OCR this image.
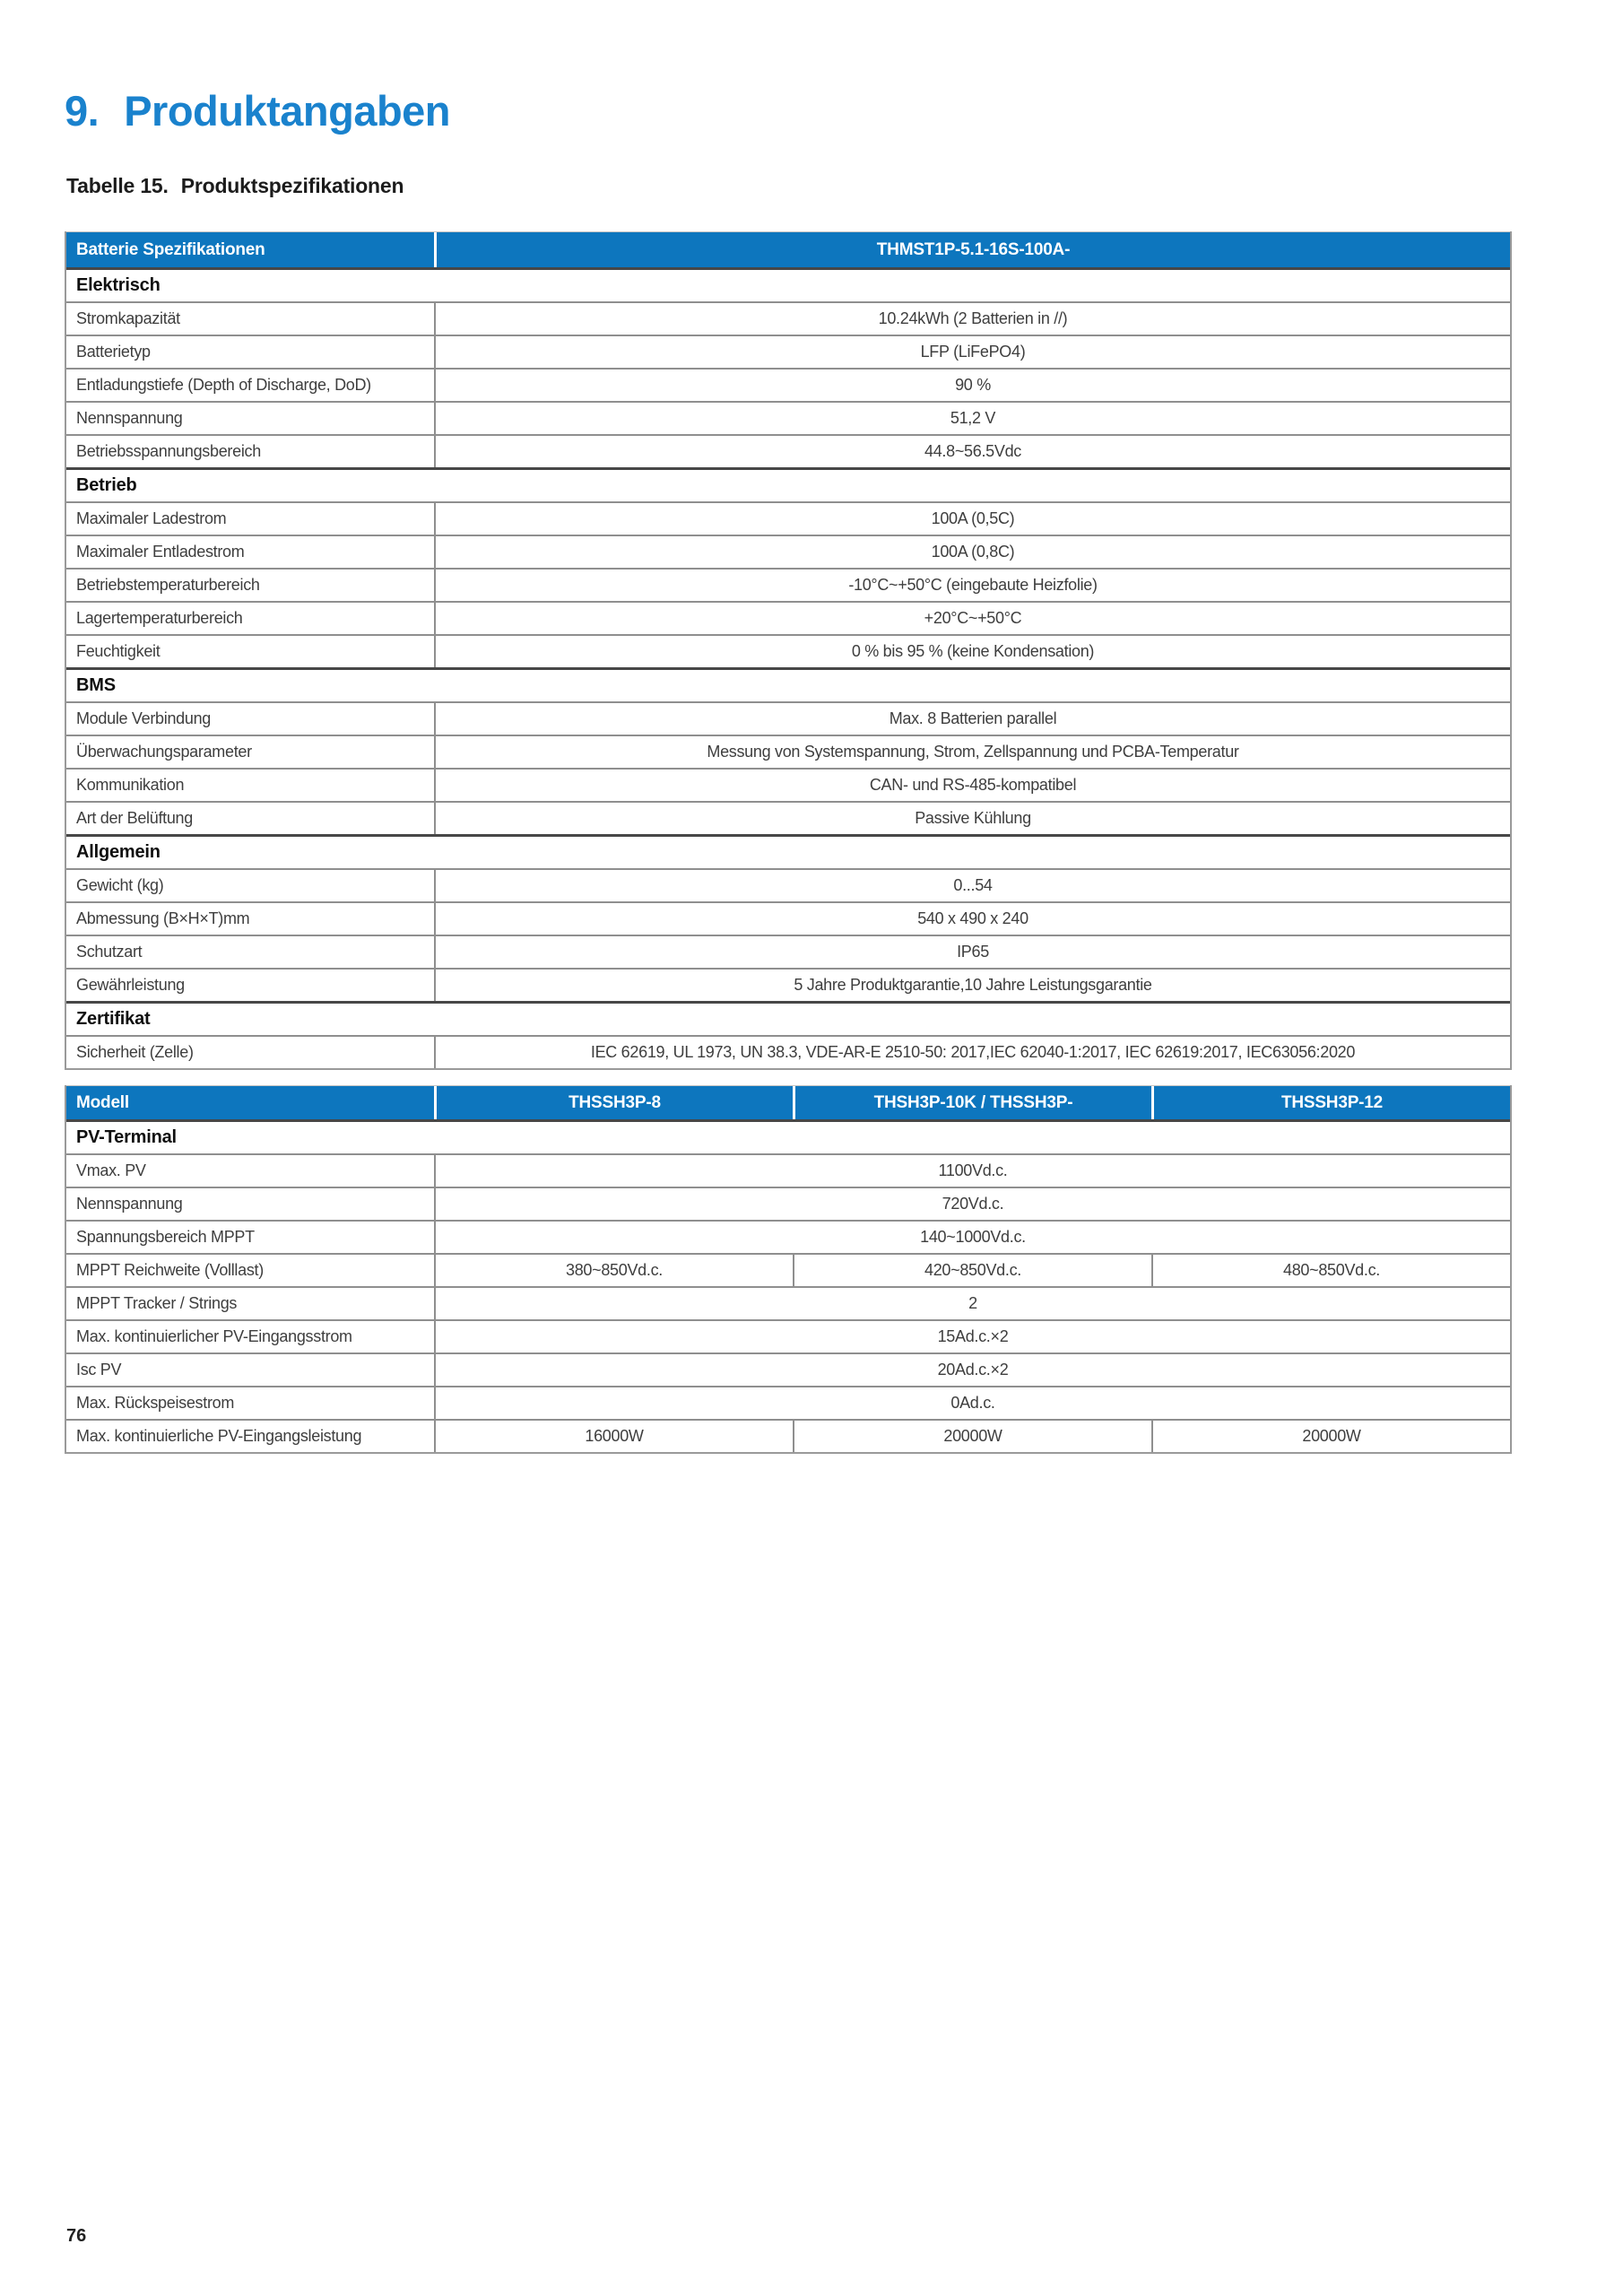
9. Produktangaben
Tabelle 15. Produktspezifikationen
Batterie Spezifikationen	THMST1P-5.1-16S-100A-
Elektrisch
Stromkapazität	10.24kWh (2 Batterien in //)
Batterietyp	LFP (LiFePO4)
Entladungstiefe (Depth of Discharge, DoD)	90 %
Nennspannung	51,2 V
Betriebsspannungsbereich	44.8~56.5Vdc
Betrieb
Maximaler Ladestrom	100A (0,5C)
Maximaler Entladestrom	100A (0,8C)
Betriebstemperaturbereich	-10°C~+50°C (eingebaute Heizfolie)
Lagertemperaturbereich	+20°C~+50°C
Feuchtigkeit	0 % bis 95 % (keine Kondensation)
BMS
Module Verbindung	Max. 8 Batterien parallel
Überwachungsparameter	Messung von Systemspannung, Strom, Zellspannung und PCBA-Temperatur
Kommunikation	CAN- und RS-485-kompatibel
Art der Belüftung	Passive Kühlung
Allgemein
Gewicht (kg)	0...54
Abmessung (B×H×T)mm	540 x 490 x 240
Schutzart	IP65
Gewährleistung	5 Jahre Produktgarantie,10 Jahre Leistungsgarantie
Zertifikat
Sicherheit (Zelle)	IEC 62619, UL 1973, UN 38.3, VDE-AR-E 2510-50: 2017,IEC 62040-1:2017, IEC 62619:2017, IEC63056:2020
Modell	THSSH3P-8	THSH3P-10K / THSSH3P-	THSSH3P-12
PV-Terminal
Vmax. PV	1100Vd.c.
Nennspannung	720Vd.c.
Spannungsbereich MPPT	140~1000Vd.c.
MPPT Reichweite (Volllast)	380~850Vd.c.	420~850Vd.c.	480~850Vd.c.
MPPT Tracker / Strings	2
Max. kontinuierlicher PV-Eingangsstrom	15Ad.c.×2
Isc PV	20Ad.c.×2
Max. Rückspeisestrom	0Ad.c.
Max. kontinuierliche PV-Eingangsleistung	16000W	20000W	20000W
76
